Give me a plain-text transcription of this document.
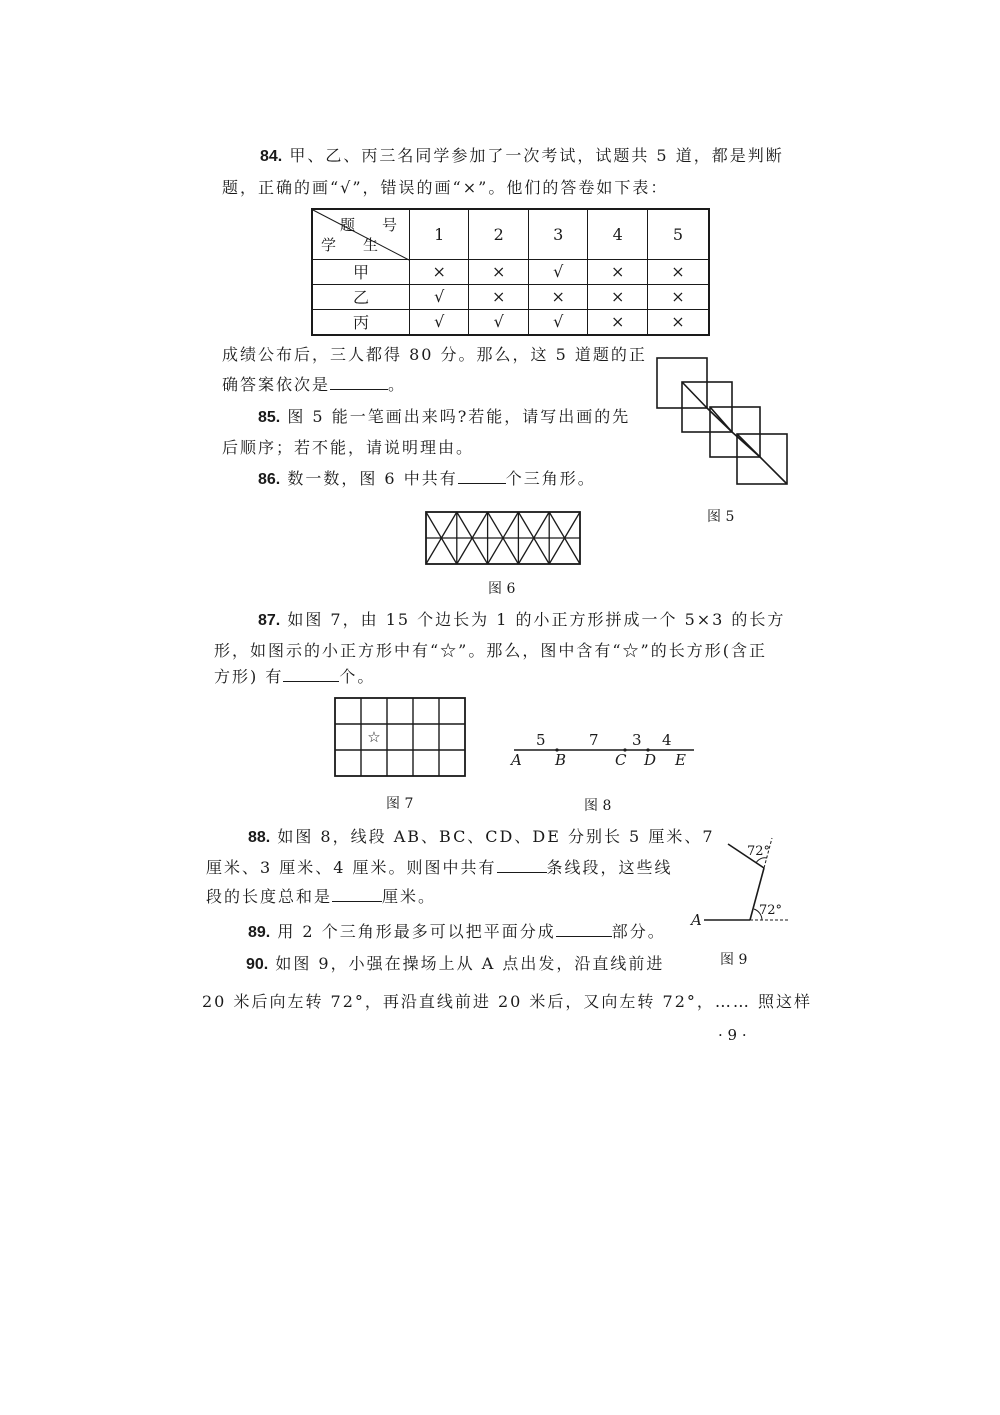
84. 甲、乙、丙三名同学参加了一次考试，试题共 5 道，都是判断
题，正确的画“√”，错误的画“×”。他们的答卷如下表：
题　号
学　生	1	2	3	4	5
甲	×	×	√	×	×
乙	√	×	×	×	×
丙	√	√	√	×	×
成绩公布后，三人都得 80 分。那么，这 5 道题的正
确答案依次是	。
图 5
85. 图 5 能一笔画出来吗?若能，请写出画的先
后顺序；若不能，请说明理由。
86. 数一数，图 6 中共有	个三角形。
图 6
87. 如图 7，由 15 个边长为 1 的小正方形拼成一个 5×3 的长方
形，如图示的小正方形中有“☆”。那么，图中含有“☆”的长方形(含正
方形) 有	个。
☆
图 7
5	7 3 4
A B	C D E
图 8
88. 如图 8，线段 AB、BC、CD、DE 分别长 5 厘米、7
厘米、3 厘米、4 厘米。则图中共有	条线段，这些线
段的长度总和是	厘米。
72°
72°
A
图 9
89. 用 2 个三角形最多可以把平面分成	部分。
90. 如图 9，小强在操场上从 A 点出发，沿直线前进
20 米后向左转 72°，再沿直线前进 20 米后，又向左转 72°，…… 照这样
· 9 ·
